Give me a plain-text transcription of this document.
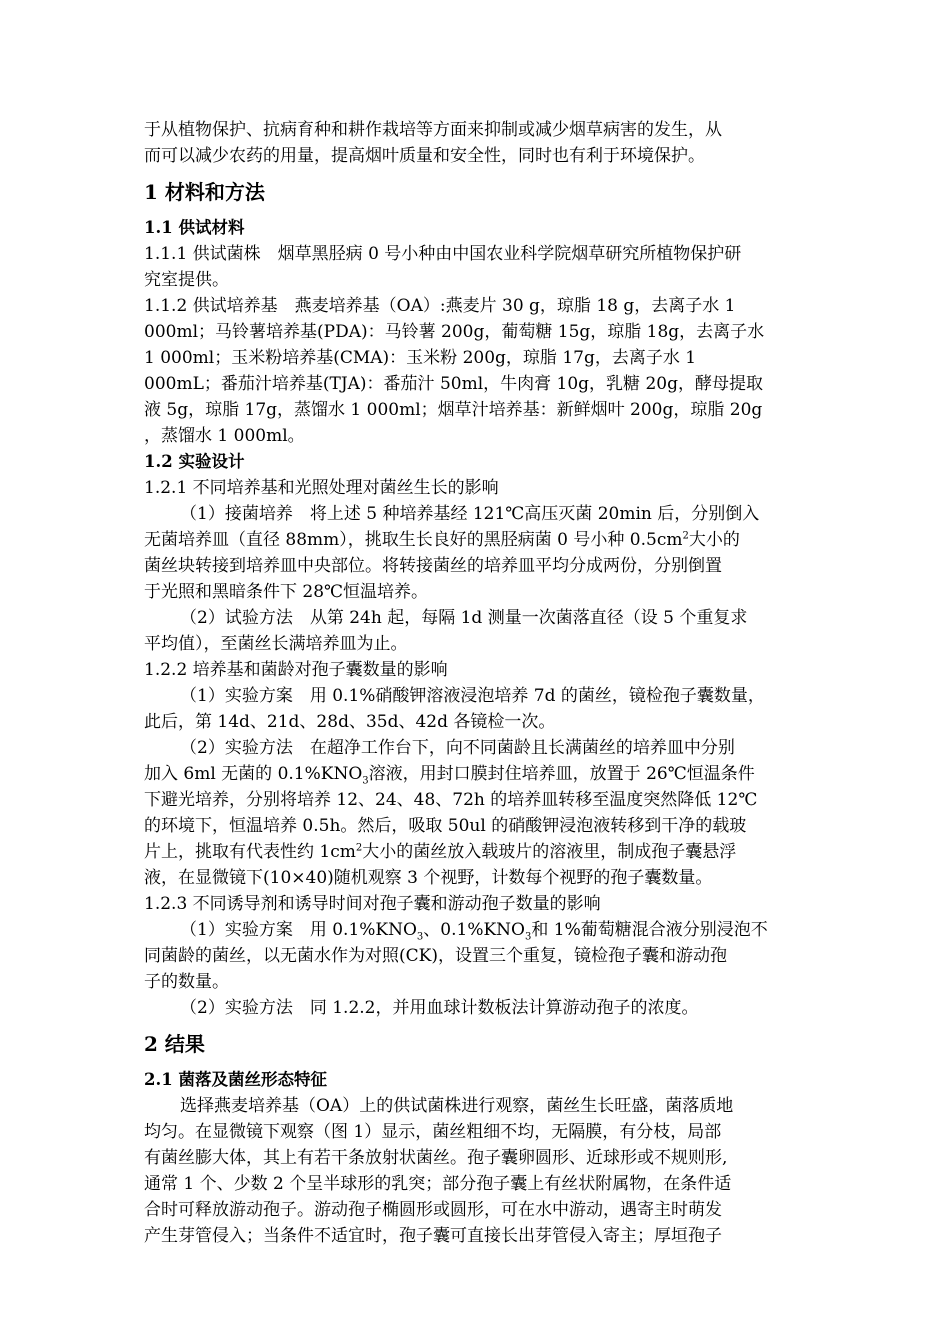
于从植物保护、抗病育种和耕作栽培等方面来抑制或减少烟草病害的发生，从
而可以减少农药的用量，提高烟叶质量和安全性，同时也有利于环境保护。
1 材料和方法
1.1 供试材料
1.1.1 供试菌株　烟草黑胫病 0 号小种由中国农业科学院烟草研究所植物保护研
究室提供。
1.1.2 供试培养基　燕麦培养基（OA）:燕麦片 30 g，琼脂 18 g，去离子水 1
000ml；马铃薯培养基(PDA)：马铃薯 200g，葡萄糖 15g，琼脂 18g，去离子水
1 000ml；玉米粉培养基(CMA)：玉米粉 200g，琼脂 17g，去离子水 1
000mL；番茄汁培养基(TJA)：番茄汁 50ml，牛肉膏 10g，乳糖 20g，酵母提取
液 5g，琼脂 17g，蒸馏水 1 000ml；烟草汁培养基：新鲜烟叶 200g，琼脂 20g
，蒸馏水 1 000ml。
1.2 实验设计
1.2.1 不同培养基和光照处理对菌丝生长的影响
（1）接菌培养　将上述 5 种培养基经 121℃高压灭菌 20min 后，分别倒入
无菌培养皿（直径 88mm），挑取生长良好的黑胫病菌 0 号小种 $0.5cm^2$大小的
菌丝块转接到培养皿中央部位。将转接菌丝的培养皿平均分成两份，分别倒置
于光照和黑暗条件下 28℃恒温培养。
（2）试验方法　从第 24h 起，每隔 1d 测量一次菌落直径（设 5 个重复求
平均值），至菌丝长满培养皿为止。
1.2.2 培养基和菌龄对孢子囊数量的影响
（1）实验方案　用 0.1%硝酸钾溶液浸泡培养 7d 的菌丝，镜检孢子囊数量，
此后，第 14d、21d、28d、35d、42d 各镜检一次。
（2）实验方法　在超净工作台下，向不同菌龄且长满菌丝的培养皿中分别
加入 6ml 无菌的 $0.1\%KNO_3$溶液，用封口膜封住培养皿，放置于 26℃恒温条件
下避光培养，分别将培养 12、24、48、72h 的培养皿转移至温度突然降低 12℃
的环境下，恒温培养 0.5h。然后，吸取 50ul 的硝酸钾浸泡液转移到干净的载玻
片上，挑取有代表性约 $1cm^2$大小的菌丝放入载玻片的溶液里，制成孢子囊悬浮
液，在显微镜下(10×40)随机观察 3 个视野，计数每个视野的孢子囊数量。
1.2.3 不同诱导剂和诱导时间对孢子囊和游动孢子数量的影响
（1）实验方案　用 $0.1\%KNO_3$、$0.1\%KNO_3$和 1%葡萄糖混合液分别浸泡不
同菌龄的菌丝，以无菌水作为对照(CK)，设置三个重复，镜检孢子囊和游动孢
子的数量。
（2）实验方法　同 1.2.2，并用血球计数板法计算游动孢子的浓度。
2 结果
2.1 菌落及菌丝形态特征
选择燕麦培养基（OA）上的供试菌株进行观察，菌丝生长旺盛，菌落质地
均匀。在显微镜下观察（图 1）显示，菌丝粗细不均，无隔膜，有分枝，局部
有菌丝膨大体，其上有若干条放射状菌丝。孢子囊卵圆形、近球形或不规则形,
通常 1 个、少数 2 个呈半球形的乳突；部分孢子囊上有丝状附属物，在条件适
合时可释放游动孢子。游动孢子椭圆形或圆形，可在水中游动，遇寄主时萌发
产生芽管侵入；当条件不适宜时，孢子囊可直接长出芽管侵入寄主；厚垣孢子
